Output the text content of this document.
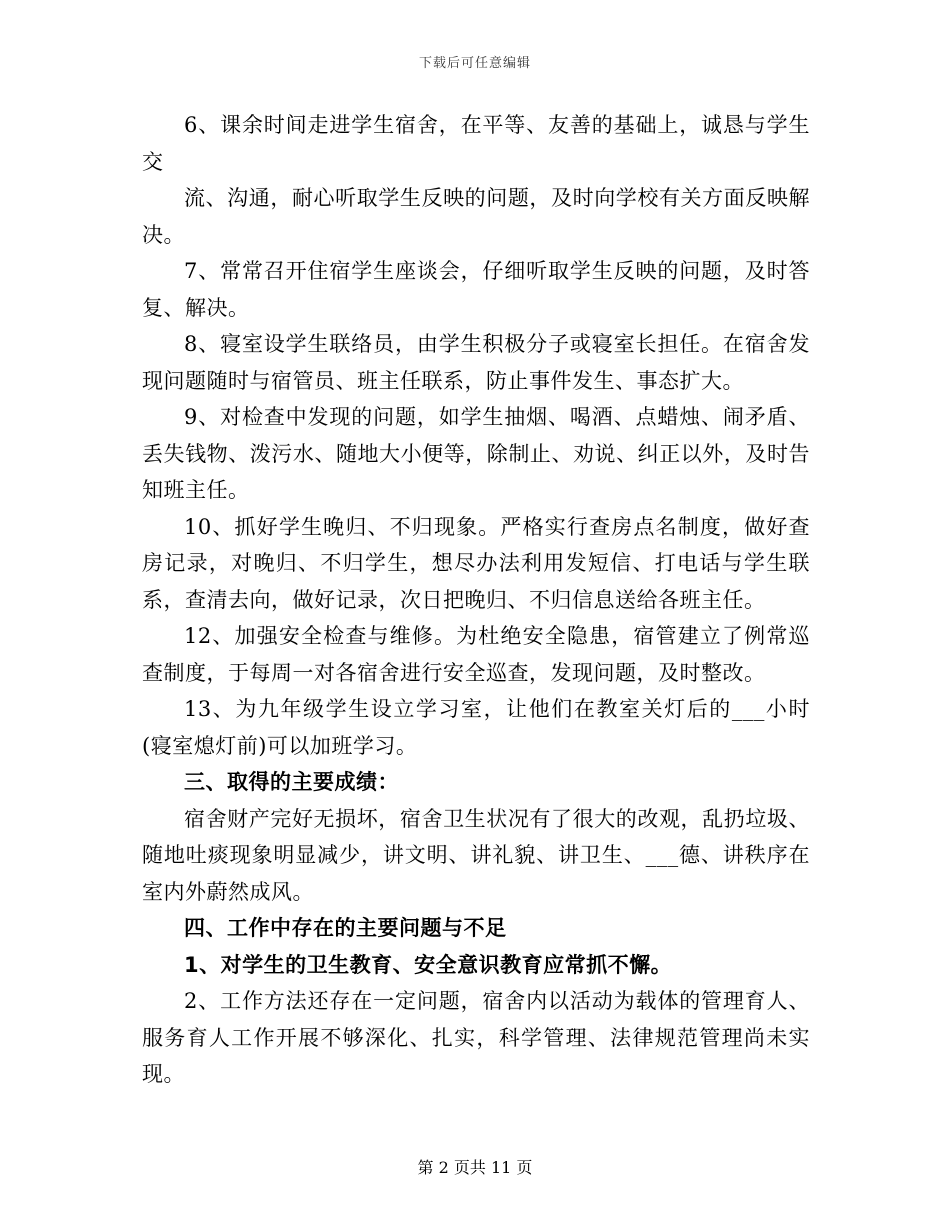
下载后可任意编辑

6、课余时间走进学生宿舍，在平等、友善的基础上，诚恳与学生交

流、沟通，耐心听取学生反映的问题，及时向学校有关方面反映解决。

7、常常召开住宿学生座谈会，仔细听取学生反映的问题，及时答复、解决。

8、寝室设学生联络员，由学生积极分子或寝室长担任。在宿舍发现问题随时与宿管员、班主任联系，防止事件发生、事态扩大。

9、对检查中发现的问题，如学生抽烟、喝酒、点蜡烛、闹矛盾、丢失钱物、泼污水、随地大小便等，除制止、劝说、纠正以外，及时告知班主任。

10、抓好学生晚归、不归现象。严格实行查房点名制度，做好查房记录，对晚归、不归学生，想尽办法利用发短信、打电话与学生联系，查清去向，做好记录，次日把晚归、不归信息送给各班主任。

12、加强安全检查与维修。为杜绝安全隐患，宿管建立了例常巡查制度，于每周一对各宿舍进行安全巡查，发现问题，及时整改。

13、为九年级学生设立学习室，让他们在教室关灯后的___小时(寝室熄灯前)可以加班学习。

三、取得的主要成绩：

宿舍财产完好无损坏，宿舍卫生状况有了很大的改观，乱扔垃圾、随地吐痰现象明显减少，讲文明、讲礼貌、讲卫生、___德、讲秩序在室内外蔚然成风。

四、工作中存在的主要问题与不足

1、对学生的卫生教育、安全意识教育应常抓不懈。

2、工作方法还存在一定问题，宿舍内以活动为载体的管理育人、服务育人工作开展不够深化、扎实，科学管理、法律规范管理尚未实现。

第 2 页共 11 页
